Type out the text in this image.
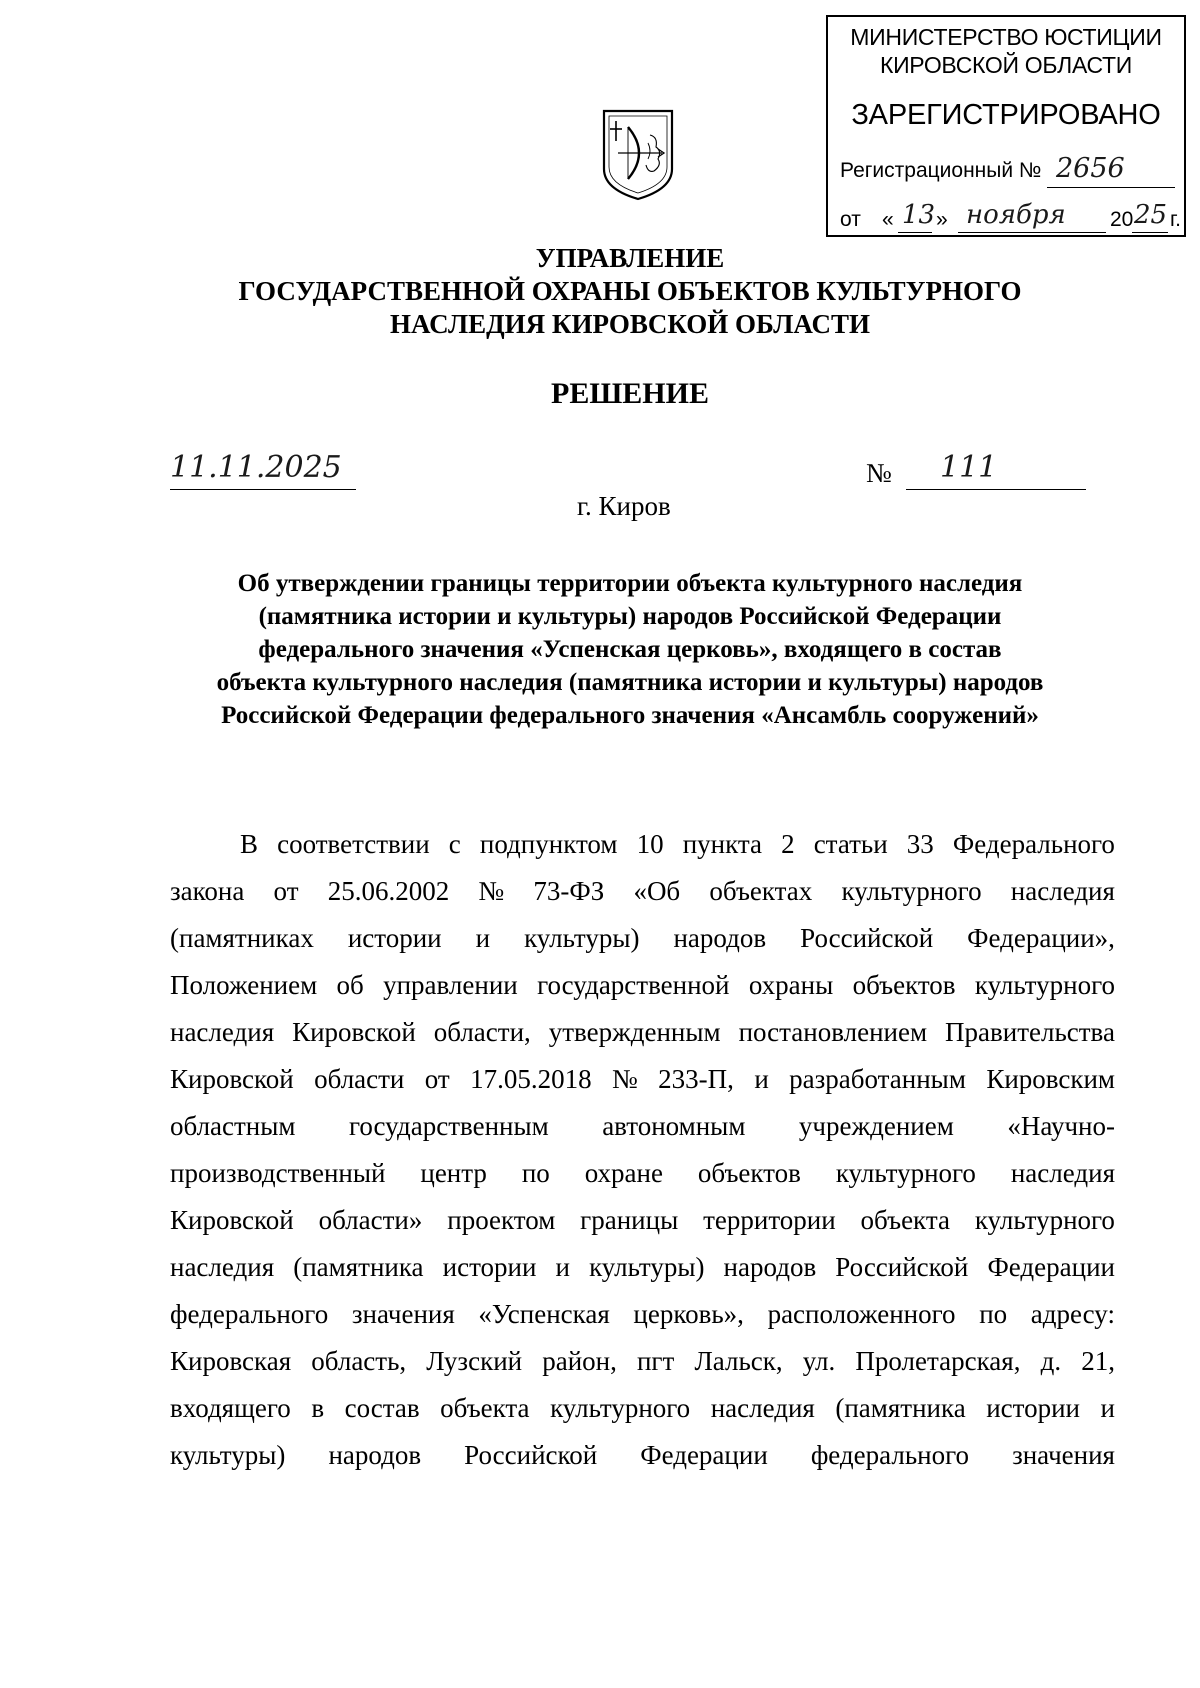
МИНИСТЕРСТВО ЮСТИЦИИ
КИРОВСКОЙ ОБЛАСТИ
ЗАРЕГИСТРИРОВАНО
Регистрационный № 2656
от « 13 » ноября 20 25 г.
УПРАВЛЕНИЕ
ГОСУДАРСТВЕННОЙ ОХРАНЫ ОБЪЕКТОВ КУЛЬТУРНОГО
НАСЛЕДИЯ КИРОВСКОЙ ОБЛАСТИ
РЕШЕНИЕ
11.11.2025	№ 111
г. Киров
Об утверждении границы территории объекта культурного наследия
(памятника истории и культуры) народов Российской Федерации
федерального значения «Успенская церковь», входящего в состав
объекта культурного наследия (памятника истории и культуры) народов
Российской Федерации федерального значения «Ансамбль сооружений»
В соответствии с подпунктом 10 пункта 2 статьи 33 Федерального
закона от 25.06.2002 № 73-ФЗ «Об объектах культурного наследия
(памятниках истории и культуры) народов Российской Федерации»,
Положением об управлении государственной охраны объектов культурного
наследия Кировской области, утвержденным постановлением Правительства
Кировской области от 17.05.2018 № 233-П, и разработанным Кировским
областным государственным автономным учреждением «Научно-
производственный центр по охране объектов культурного наследия
Кировской области» проектом границы территории объекта культурного
наследия (памятника истории и культуры) народов Российской Федерации
федерального значения «Успенская церковь», расположенного по адресу:
Кировская область, Лузский район, пгт Лальск, ул. Пролетарская, д. 21,
входящего в состав объекта культурного наследия (памятника истории и
культуры) народов Российской Федерации федерального значения
